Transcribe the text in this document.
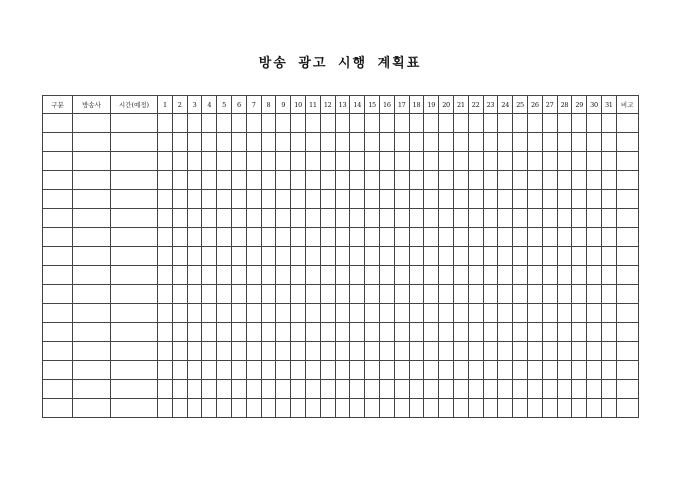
방송 광고 시행 계획표
구분	방송사	시간(예정)	1	2	3	4	5	6	7	8	9	10	11	12	13	14	15	16	17	18	19	20	21	22	23	24	25	26	27	28	29	30	31	비고
